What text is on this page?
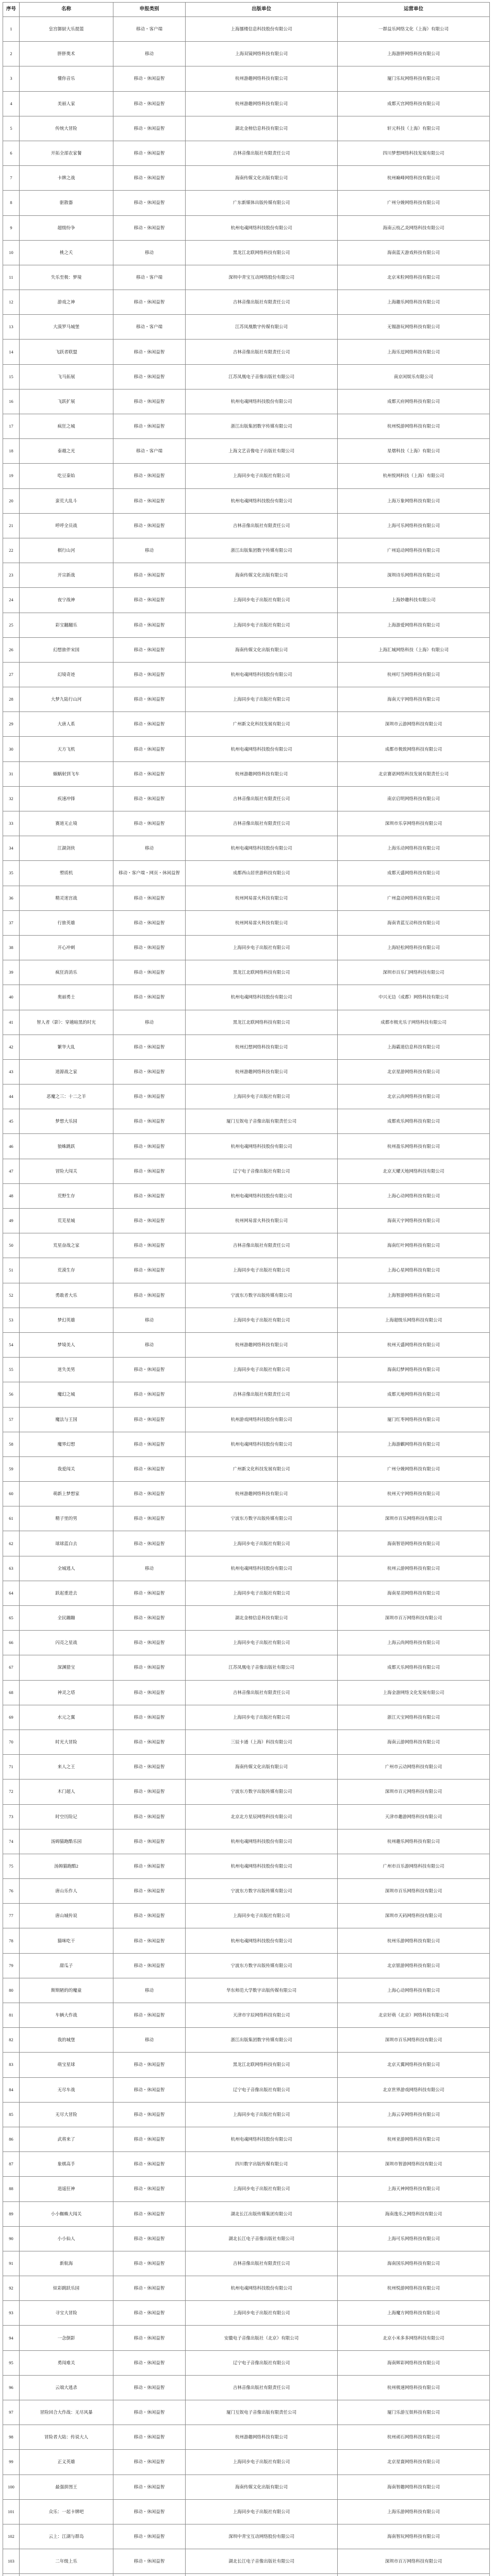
序号	名称	申报类别	出版单位	运营单位
1	皇宫御厨大乐提篮	移动・客户端	上海蜃楼信息科技股份有限公司	一群益乐网络文化（上海）有限公司
2	胖胖奥术	移动	上海双镜网络科技有限公司	上海游胖网络科技有限公司
3	懂你音乐	移动・休闲益智	杭州游趣网络科技有限公司	厦门乐玩网络科技有限公司
4	美丽人家	移动・休闲益智	杭州游趣网络科技有限公司	成都天宫网络科技有限公司
5	传统大冒险	移动・休闲益智	湖北金榜信息科技有限公司	轩元科技（上海）有限公司
6	开拓全部农家餐	移动・休闲益智	吉林音像出版社有限责任公司	四川梦想网络科技发展有限公司
7	卡牌之战	移动・休闲益智	海南传媒文化出版有限公司	杭州巅峰网络科技有限公司
8	驱散器	移动・休闲益智	广东新媒体出版传媒有限公司	广州分娩网络科技有限公司
9	超级纷争	移动・休闲益智	杭州电魂网络科技股份有限公司	海南云枝乙炎网络科技有限公司
10	桃之夭	移动	黑龙江北联网络科技有限公司	海南蓝天游戏科技有限公司
11	失乐至极：梦境	移动・客户端	深圳中青宝互动网络股份有限公司	北京米粒网络科技有限公司
12	游戏之神	移动・休闲益智	吉林音像出版社有限责任公司	上海趣乐网络科技有限公司
13	大漠罗马城堡	移动・客户端	江苏凤凰数字传媒有限公司	无锡游玩网络科技有限公司
14	飞跃者联盟	移动・休闲益智	吉林音像出版社有限责任公司	上海乐逗网络科技有限公司
15	飞马拓展	移动・休闲益智	江苏凤凰电子音像出版社有限公司	南京闲娱乐有限公司
16	飞跃扩展	移动・休闲益智	杭州电魂网络科技股份有限公司	成都天府网络科技有限公司
17	疯狂之城	移动・休闲益智	浙江出版集团数字传媒有限公司	杭州悦游网络科技有限公司
18	泰越之光	移动・客户端	上海文艺音像电子出版社有限公司	星熠科技（上海）有限公司
19	吃豆秦始	移动・休闲益智	上海同步电子出版社有限公司	杭州悦网科技（上海）有限公司
20	蛮荒大乱斗	移动・休闲益智	杭州电魂网络科技股份有限公司	上海万象网络科技有限公司
21	呼呼全员战	移动・休闲益智	吉林音像出版社有限责任公司	上海可乐网络科技有限公司
22	棋行山河	移动	浙江出版集团数字传媒有限公司	广州追动网络科技有限公司
23	开宗新战	移动・休闲益智	海南传媒文化出版有限公司	深圳诗乐网络科技有限公司
24	夜宁战神	移动・休闲益智	上海同步电子出版社有限公司	上海妙趣科技有限公司
25	彩宝翻翻乐	移动・休闲益智	上海同步电子出版社有限公司	上海游爱网络科技有限公司
26	幻想旅伴宋国	移动・休闲益智	海南传媒文化出版有限公司	上海汇城网络科技（上海）有限公司
27	幻境奇迹	移动・休闲益智	杭州电魂网络科技股份有限公司	杭州叮当网络科技有限公司
28	大梦九陆行山河	移动・休闲益智	上海同步电子出版社有限公司	海南天宇网络科技有限公司
29	大唐人系	移动・休闲益智	广州新文化科技发展有限公司	深圳市云游网络科技有限公司
30	天方飞机	移动・休闲益智	杭州电魂网络科技股份有限公司	成都市极致网络科技有限公司
31	蜗蜗射到飞车	移动・休闲益智	杭州游趣网络科技有限公司	北京赛诺网络科技发展有限责任公司
32	疾速冲锋	移动・休闲益智	吉林音像出版社有限责任公司	南京启明网络科技有限公司
33	赛道无止境	移动・休闲益智	吉林音像出版社有限责任公司	深圳市乐享网络科技有限公司
34	江湖剑侠	移动	杭州电魂网络科技股份有限公司	上海乐动网络科技有限公司
35	塑质机	移动・客户端・网页・休闲益智	成都西山居世游科技有限公司	成都天盛网络科技有限公司
36	精灵迷宫战	移动・休闲益智	杭州网易雷火科技有限公司	广州盒动网络科技有限公司
37	行旅英雄	移动・休闲益智	杭州网易雷火科技有限公司	海南青蓝互动科技有限公司
38	开心冲刺	移动・休闲益智	上海同步电子出版社有限公司	上海轻松网络科技有限公司
39	疯狂消消乐	移动・休闲益智	黑龙江北联网络科技有限公司	深圳市百乐门网络科技有限公司
40	奥丽勇士	移动・休闲益智	杭州电魂网络科技股份有限公司	中兴无边（成都）网络科技有限公司
41	智人者（影）：穿越暗黑的时光	移动	黑龙江北联网络科技有限公司	成都市极光乐子网络科技有限公司
42	繁华大乱	移动・休闲益智	杭州幻想网络科技有限公司	上海霸道信息科技有限公司
43	道源战之家	移动・休闲益智	杭州游趣网络科技有限公司	北京星游网络科技有限公司
44	恶魔之三：十二之羊	移动・休闲益智	上海同步电子出版社有限公司	北京云尚网络科技有限公司
45	梦想大乐园	移动・休闲益智	厦门互娱电子音像出版有限责任公司	成都欢乐网络科技有限公司
46	狼蛛跳跃	移动・休闲益智	杭州电魂网络科技股份有限公司	杭州盈乐网络科技有限公司
47	冒险大闯关	移动・休闲益智	辽宁电子音像出版社有限公司	北京天耀天地网络科技有限公司
48	荒野生存	移动・休闲益智	杭州电魂网络科技股份有限公司	上海心动网络科技有限公司
49	荒芜星城	移动・休闲益智	杭州网易雷火科技有限公司	海南天宇网络科技有限公司
50	荒星奋战之家	移动・休闲益智	吉林音像出版社有限责任公司	海南红叶网络科技有限公司
51	荒漠生存	移动・休闲益智	上海同步电子出版社有限公司	上海心星网络科技有限公司
52	勇敢者大乐	移动・休闲益智	宁波东方数字出版传媒有限公司	上海智游网络科技有限公司
53	梦幻英雄	移动	上海同步电子出版社有限公司	上海超级乐网络科技有限公司
54	梦境美人	移动	杭州游趣网络科技有限公司	杭州天盛网络科技有限公司
55	迷失美男	移动・休闲益智	上海同步电子出版社有限公司	海南幻梦网络科技有限公司
56	魔幻之城	移动・休闲益智	吉林音像出版社有限责任公司	成都天地网络科技有限公司
57	魔法与王国	移动・休闲益智	杭州游戏网络科技股份有限公司	厦门红枣网络科技有限公司
58	魔界幻想	移动・休闲益智	杭州电魂网络科技股份有限公司	上海游麒网络科技有限公司
59	我爱闯关	移动・休闲益智	广州新文化科技发展有限公司	广州分娩网络科技有限公司
60	萌新上梦想家	移动・休闲益智	杭州游趣网络科技有限公司	杭州天宇网络科技有限公司
61	精子里的男	移动・休闲益智	宁波东方数字出版传媒有限公司	深圳市百乐网络科技有限公司
62	球球蓝白去	移动・休闲益智	上海同步电子出版社有限公司	海南智语网络科技有限公司
63	全城逃人	移动	杭州电魂网络科技股份有限公司	杭州云游网络科技有限公司
64	跃起重进去	移动・休闲益智	上海同步电子出版社有限公司	海南星羽网络科技有限公司
65	全民蹦蹦	移动・休闲益智	湖北金榜信息科技有限公司	深圳市百万网络科技有限公司
66	闪亮之星战	移动・休闲益智	上海同步电子出版社有限公司	上海云尚网络科技有限公司
67	深渊猎宝	移动・休闲益智	江苏凤凰电子音像出版社有限公司	成都天乐网络科技有限公司
68	神灵之塔	移动・休闲益智	吉林音像出版社有限责任公司	上海金游网络文化发展有限公司
69	水元之翼	移动・休闲益智	上海同步电子出版社有限公司	浙江天宝网络科技有限公司
70	时光大冒险	移动・休闲益智	三辰卡通（上海）科技有限公司	海南云游网络科技有限公司
71	来人之王	移动・休闲益智	海南传媒文化出版有限公司	广州市云动网络科技有限公司
72	木门超人	移动・休闲益智	宁波东方数字出版传媒有限公司	深圳市百元网络科技有限公司
73	时空历险记	移动・休闲益智	北京北方星辰网络科技有限公司	天津市趣游网络科技有限公司
74	汤姆猫跑酷乐园	移动・休闲益智	杭州电魂网络科技股份有限公司	杭州趣乐网络科技有限公司
75	汤姆猫跑酷2	移动・休闲益智	杭州电魂网络科技股份有限公司	广州市百乐游网络科技有限公司
76	唐山乐作人	移动・休闲益智	宁波东方数字出版传媒有限公司	深圳市百乐网络科技有限公司
77	唐山城传说	移动・休闲益智	上海同步电子出版社有限公司	深圳市天码网络科技有限公司
78	猫咪吃干	移动・休闲益智	杭州电魂网络科技股份有限公司	杭州乐游网络科技有限公司
79	甜瓜子	移动・休闲益智	宁波东方数字出版传媒有限公司	北京银游网络科技有限公司
80	斯斯陋的的魔童	移动	华东师范大学数字出版传媒有限公司	上海心动网络科技有限公司
81	车辆大作战	移动・休闲益智	天津市宇辰网络科技有限公司	北京好萌（北京）网络科技有限公司
82	我的城堡	移动	浙江出版集团数字传媒有限公司	深圳市百乐网络科技有限公司
83	萌宝星球	移动・休闲益智	黑龙江北联网络科技有限公司	北京天翼网络科技有限公司
84	无尽车战	移动・休闲益智	辽宁电子音像出版社有限公司	北京世界游戏网络科技有限公司
85	无尽大冒险	移动・休闲益智	上海同步电子出版社有限公司	上海云享网络科技有限公司
86	武将来了	移动・休闲益智	杭州电魂网络科技股份有限公司	杭州亚游网络科技有限公司
87	象棋高手	移动・休闲益智	四川数字出版传媒有限公司	深圳市智游网络科技有限公司
88	逍遥狂神	移动・休闲益智	上海同步电子出版社有限公司	上海天神网络科技有限公司
89	小小蜘蛛大闯关	移动・休闲益智	湖北长江出版传媒集团有限公司	海南逸乐之网络科技有限公司
90	小小仙人	移动・休闲益智	湖北长江电子音像出版社有限公司	上海可乐网络科技有限公司
91	新航海	移动・休闲益智	吉林音像出版社有限责任公司	海南国乐网络科技有限公司
92	炫彩跳跃乐园	移动・休闲益智	杭州电魂网络科技股份有限公司	杭州悦游网络科技有限公司
93	寻宝大冒险	移动・休闲益智	上海同步电子出版社有限公司	上海魔方网络科技有限公司
94	一念倒影	移动・休闲益智	安徽电子音像出版社（北京）有限公司	北京小米多多网络科技有限公司
95	勇闯难关	移动・休闲益智	辽宁电子音像出版社有限公司	海南辉彩网络科技有限公司
96	云端大逃杀	移动・休闲益智	吉林音像出版社有限责任公司	杭州极速网络科技有限公司
97	冒险回合大作战：无尽风暴	移动・休闲益智	厦门互娱电子音像出版有限责任公司	厦门乐游互娱科技有限公司
98	冒险者大陆：传说大人	移动・休闲益智	杭州游趣网络科技有限公司	杭州顽石网络科技有限公司
99	正义英雄	移动・休闲益智	上海同步电子出版社有限公司	北京星寰网络科技有限公司
100	最强拼图王	移动・休闲益智	海南传媒文化出版有限公司	海南智趣网络科技有限公司
101	众乐：一起卡牌吧	移动・休闲益智	上海同步电子出版社有限公司	上海乐游网络科技有限公司
102	云上：江湖与群岛	移动・休闲益智	深圳中青宝互动网络股份有限公司	海南智玩网络科技有限公司
103	二年级上乐	移动・休闲益智	湖北长江电子音像出版社有限公司	深圳市百万网络科技有限公司
